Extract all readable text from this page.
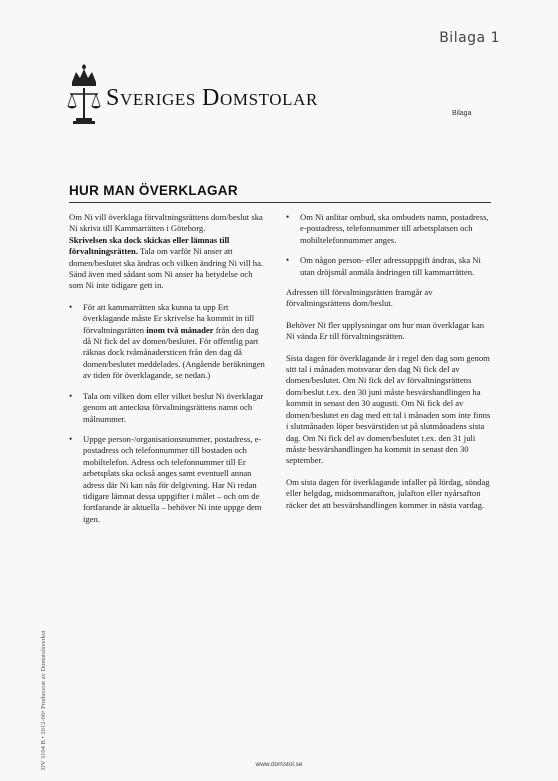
Bilaga 1
SVERIGES DOMSTOLAR
Bilaga
HUR MAN ÖVERKLAGAR

Om Ni vill överklaga förvaltningsrättens dom/beslut ska Ni skriva till Kammarrätten i Göteborg.

Skrivelsen ska dock skickas eller lämnas till förvaltningsrätten. Tala om varför Ni anser att domen/beslutet ska ändras och vilken ändring Ni vill ha. Sänd även med sådant som Ni anser ha betydelse och som Ni inte tidigare gett in.

• För att kammarrätten ska kunna ta upp Ert överklagande måste Er skrivelse ha kommit in till förvaltningsrätten inom två månader från den dag då Ni fick del av domen/beslutet. För offentlig part räknas dock tvåmånadersticen från den dag då domen/beslutet meddelades. (Angående beräkningen av tiden för överklagande, se nedan.)
• Tala om vilken dom eller vilket beslut Ni överklagar genom att anteckna förvaltningsrättens namn och målnummer.
• Uppge person-/organisationsnummer, postadress, e-postadress och telefonnummer till bostaden och mobiltelefon. Adress och telefonnummer till Er arbetsplats ska också anges samt eventuell annan adress där Ni kan nås för delgivning. Har Ni redan tidigare lämnat dessa uppgifter i målet – och om de fortfarande är aktuella – behöver Ni inte uppge dem igen.
• Om Ni anlitar ombud, ska ombudets namn, postadress, e-postadress, telefonnummer till arbetsplatsen och mobiltelefonnummer anges.
• Om någon person- eller adressuppgift ändras, ska Ni utan dröjsmål anmäla ändringen till kammarrätten.

Adressen till förvaltningsrätten framgår av förvaltningsrättens dom/beslut.

Behöver Ni fler upplysningar om hur man överklagar kan Ni vända Er till förvaltningsrätten.

Sista dagen för överklagande är i regel den dag som genom sitt tal i månaden motsvarar den dag Ni fick del av domen/beslutet. Om Ni fick del av förvaltningsrättens dom/beslut t.ex. den 30 juni måste besvärshandlingen ha kommit in senast den 30 augusti. Om Ni fick del av domen/beslutet en dag med ett tal i månaden som inte finns i slutmånaden löper besvärstiden ut på slutmånadens sista dag. Om Ni fick del av domen/beslutet t.ex. den 31 juli måste besvärshandlingen ha kommit in senast den 30 september.

Om sista dagen för överklagande infaller på lördag, söndag eller helgdag, midsommarafton, julafton eller nyårsafton räcker det att besvärshandlingen kommer in nästa vardag.

DV 3104 B • 2012-06• Producerat av Domstolsverket	www.domstol.se
